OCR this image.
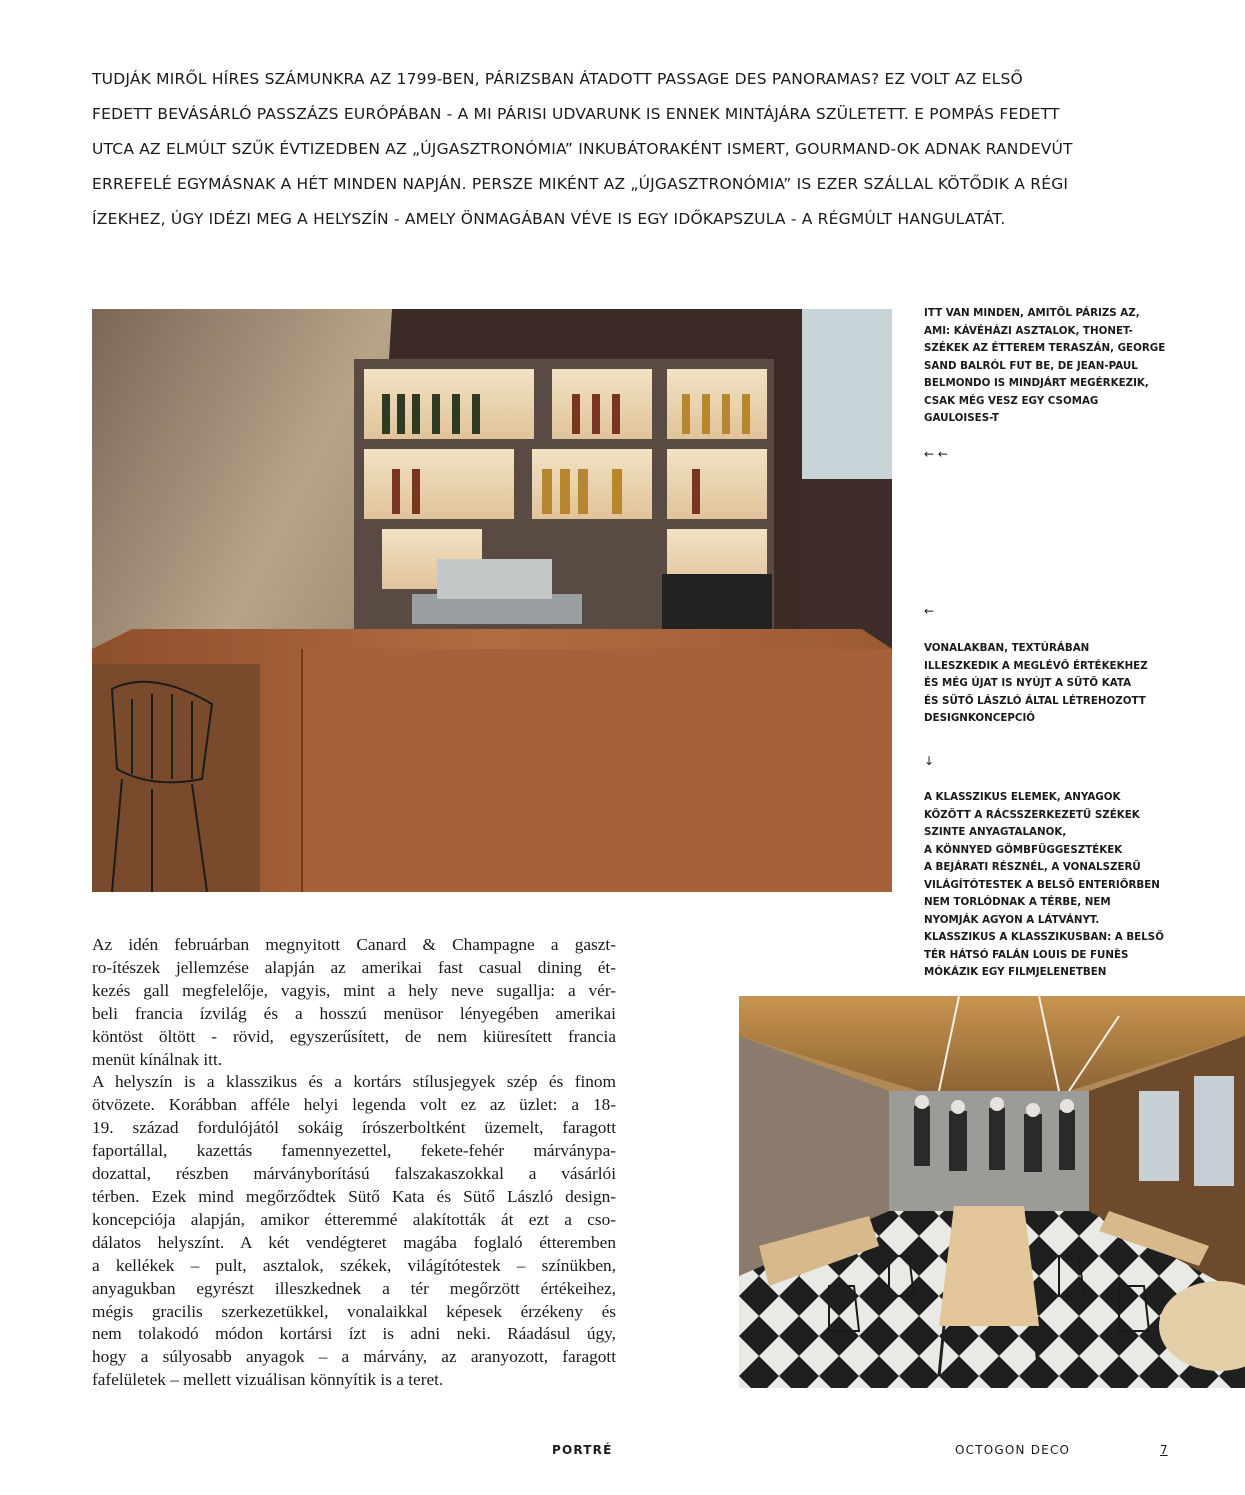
TUDJÁK MIRŐL HÍRES SZÁMUNKRA AZ 1799-BEN, PÁRIZSBAN ÁTADOTT PASSAGE DES PANORAMAS? EZ VOLT AZ ELSŐ
FEDETT BEVÁSÁRLÓ PASSZÁZS EURÓPÁBAN - A MI PÁRISI UDVARUNK IS ENNEK MINTÁJÁRA SZÜLETETT. E POMPÁS FEDETT
UTCA AZ ELMÚLT SZŰK ÉVTIZEDBEN AZ „ÚJGASZTRONÓMIA” INKUBÁTORAKÉNT ISMERT, GOURMAND-OK ADNAK RANDEVÚT
ERREFELÉ EGYMÁSNAK A HÉT MINDEN NAPJÁN. PERSZE MIKÉNT AZ „ÚJGASZTRONÓMIA” IS EZER SZÁLLAL KÖTŐDIK A RÉGI
ÍZEKHEZ, ÚGY IDÉZI MEG A HELYSZÍN - AMELY ÖNMAGÁBAN VÉVE IS EGY IDŐKAPSZULA - A RÉGMÚLT HANGULATÁT.
ITT VAN MINDEN, AMITŐL PÁRIZS AZ,
AMI: KÁVÉHÁZI ASZTALOK, THONET-
SZÉKEK AZ ÉTTEREM TERASZÁN, GEORGE
SAND BALRÓL FUT BE, DE JEAN-PAUL
BELMONDO IS MINDJÁRT MEGÉRKEZIK,
CSAK MÉG VESZ EGY CSOMAG
GAULOISES-T
← ←
←
VONALAKBAN, TEXTÚRÁBAN
ILLESZKEDIK A MEGLÉVŐ ÉRTÉKEKHEZ
ÉS MÉG ÚJAT IS NYÚJT A SÜTŐ KATA
ÉS SÜTŐ LÁSZLÓ ÁLTAL LÉTREHOZOTT
DESIGNKONCEPCIÓ
↓
A KLASSZIKUS ELEMEK, ANYAGOK
KÖZÖTT A RÁCSSZERKEZETŰ SZÉKEK
SZINTE ANYAGTALANOK,
A KÖNNYED GÖMBFÜGGESZTÉKEK
A BEJÁRATI RÉSZNÉL, A VONALSZERŰ
VILÁGÍTÓTESTEK A BELSŐ ENTERIŐRBEN
NEM TORLÓDNAK A TÉRBE, NEM
NYOMJÁK AGYON A LÁTVÁNYT.
KLASSZIKUS A KLASSZIKUSBAN: A BELSŐ
TÉR HÁTSÓ FALÁN LOUIS DE FUNÈS
MÓKÁZIK EGY FILMJELENETBEN
Az idén februárban megnyitott Canard & Champagne a gaszt-
ro-ítészek jellemzése alapján az amerikai fast casual dining ét-
kezés gall megfelelője, vagyis, mint a hely neve sugallja: a vér-
beli francia ízvilág és a hosszú menüsor lényegében amerikai
köntöst öltött - rövid, egyszerűsített, de nem kiüresített francia
menüt kínálnak itt.
A helyszín is a klasszikus és a kortárs stílusjegyek szép és finom
ötvözete. Korábban afféle helyi legenda volt ez az üzlet: a 18-
19. század fordulójától sokáig írószerboltként üzemelt, faragott
faportállal, kazettás famennyezettel, fekete-fehér márványpa-
dozattal, részben márványborítású falszakaszokkal a vásárlói
térben. Ezek mind megőrződtek Sütő Kata és Sütő László design-
koncepciója alapján, amikor étteremmé alakították át ezt a cso-
dálatos helyszínt. A két vendégteret magába foglaló étteremben
a kellékek – pult, asztalok, székek, világítótestek – színükben,
anyagukban egyrészt illeszkednek a tér megőrzött értékeihez,
mégis gracilis szerkezetükkel, vonalaikkal képesek érzékeny és
nem tolakodó módon kortársi ízt is adni neki. Ráadásul úgy,
hogy a súlyosabb anyagok – a márvány, az aranyozott, faragott
fafelületek – mellett vizuálisan könnyítik is a teret.
PORTRÉ	OCTOGON DECO	7
